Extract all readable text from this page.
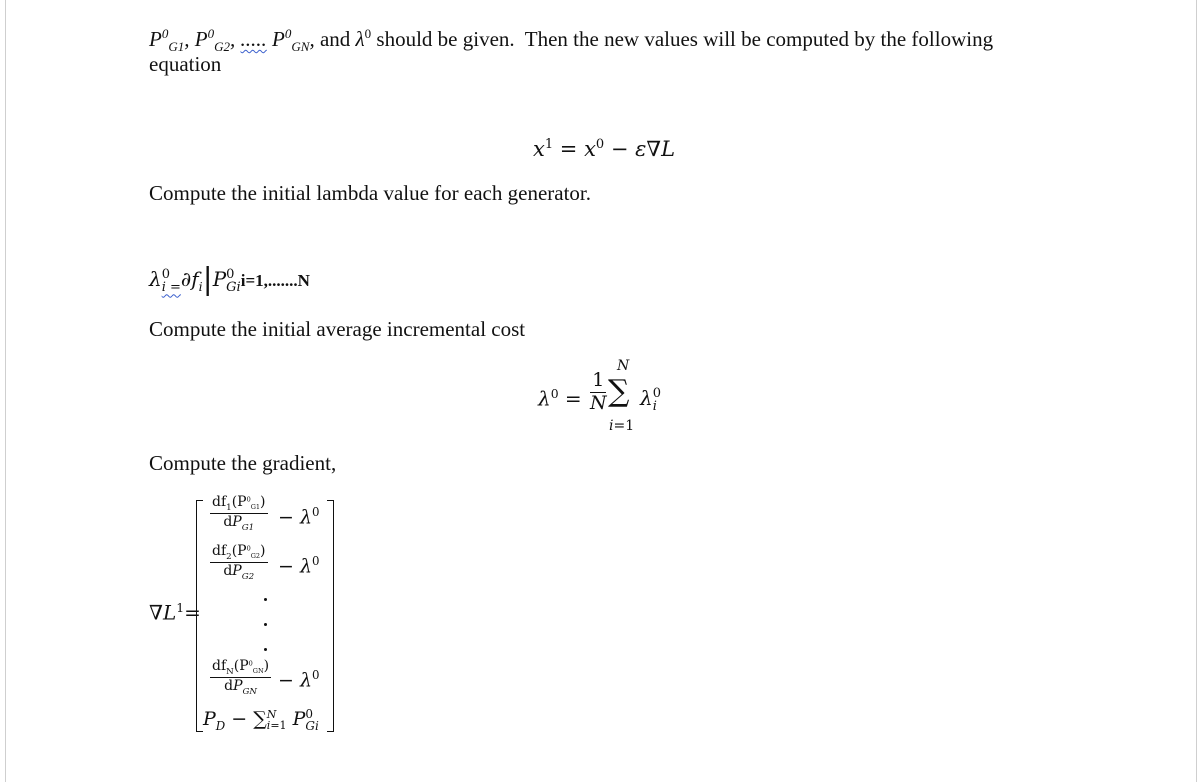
$P^0_{G1}$, $P^0_{G2}$, ..... $P^0_{GN}$, and $\lambda^0$ should be given.  Then the new values will be computed by the following
equation
$x^1 = x^0 - \varepsilon\nabla L$
Compute the initial lambda value for each generator.
λ 0
$i = \partial f_i|P$ 0
Gi i=1,.......N
Compute the initial average incremental cost
$\lambda^0 = \frac{1}{N}$
N
∑
i=1
λ 0
i
Compute the gradient,
$\nabla L^1=$
$\frac{df_1(P^0_{G1})}{dP_{G1}} - \lambda^0$
$\frac{df_2(P^0_{G2})}{dP_{G2}} - \lambda^0$
$\frac{df_N(P^0_{GN})}{dP_{GN}} - \lambda^0$
$P_D$ − ∑ N
i=1 P 0
Gi
